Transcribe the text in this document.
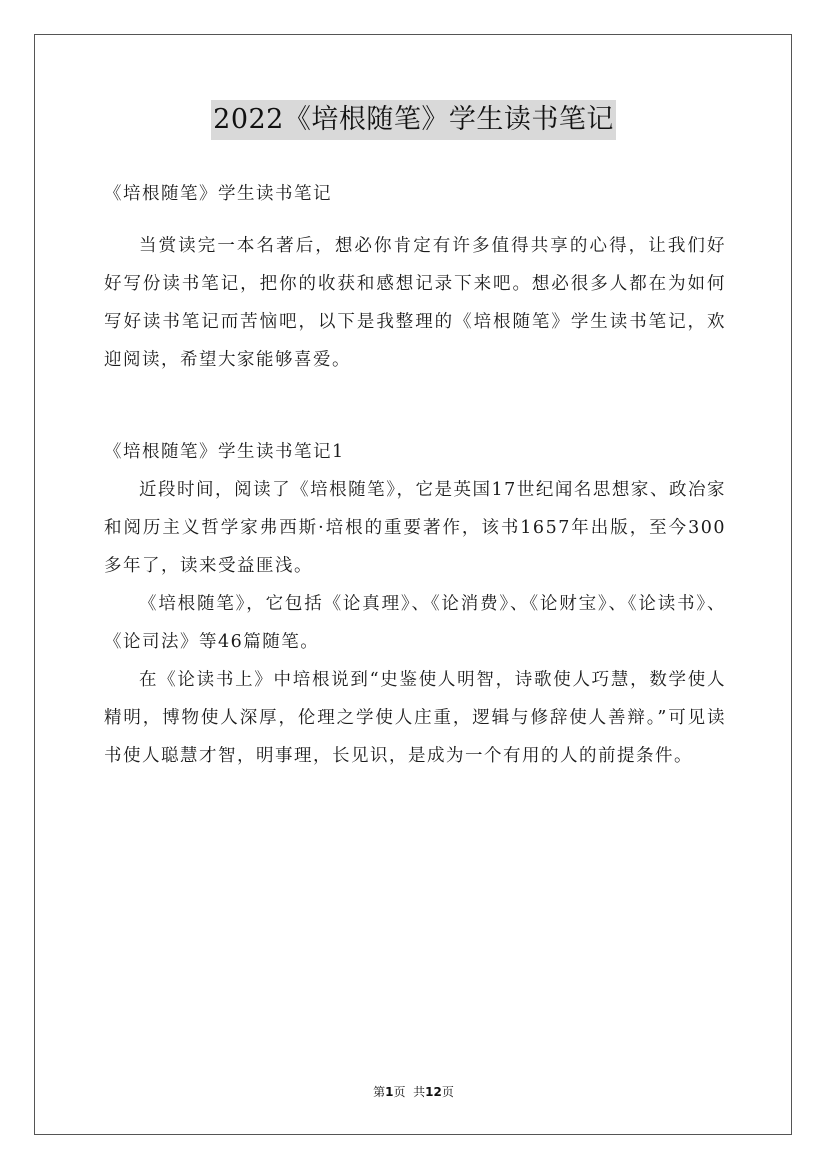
2022《培根随笔》学生读书笔记

《培根随笔》学生读书笔记

当赏读完一本名著后，想必你肯定有许多值得共享的心得，让我们好好写份读书笔记，把你的收获和感想记录下来吧。想必很多人都在为如何写好读书笔记而苦恼吧，以下是我整理的《培根随笔》学生读书笔记，欢迎阅读，希望大家能够喜爱。

《培根随笔》学生读书笔记1

近段时间，阅读了《培根随笔》，它是英国17世纪闻名思想家、政冶家和阅历主义哲学家弗西斯·培根的重要著作，该书1657年出版，至今300多年了，读来受益匪浅。

《培根随笔》，它包括《论真理》、《论消费》、《论财宝》、《论读书》、《论司法》等46篇随笔。

在《论读书上》中培根说到“史鉴使人明智，诗歌使人巧慧，数学使人精明，博物使人深厚，伦理之学使人庄重，逻辑与修辞使人善辩。”可见读书使人聪慧才智，明事理，长见识，是成为一个有用的人的前提条件。

第1页 共12页
